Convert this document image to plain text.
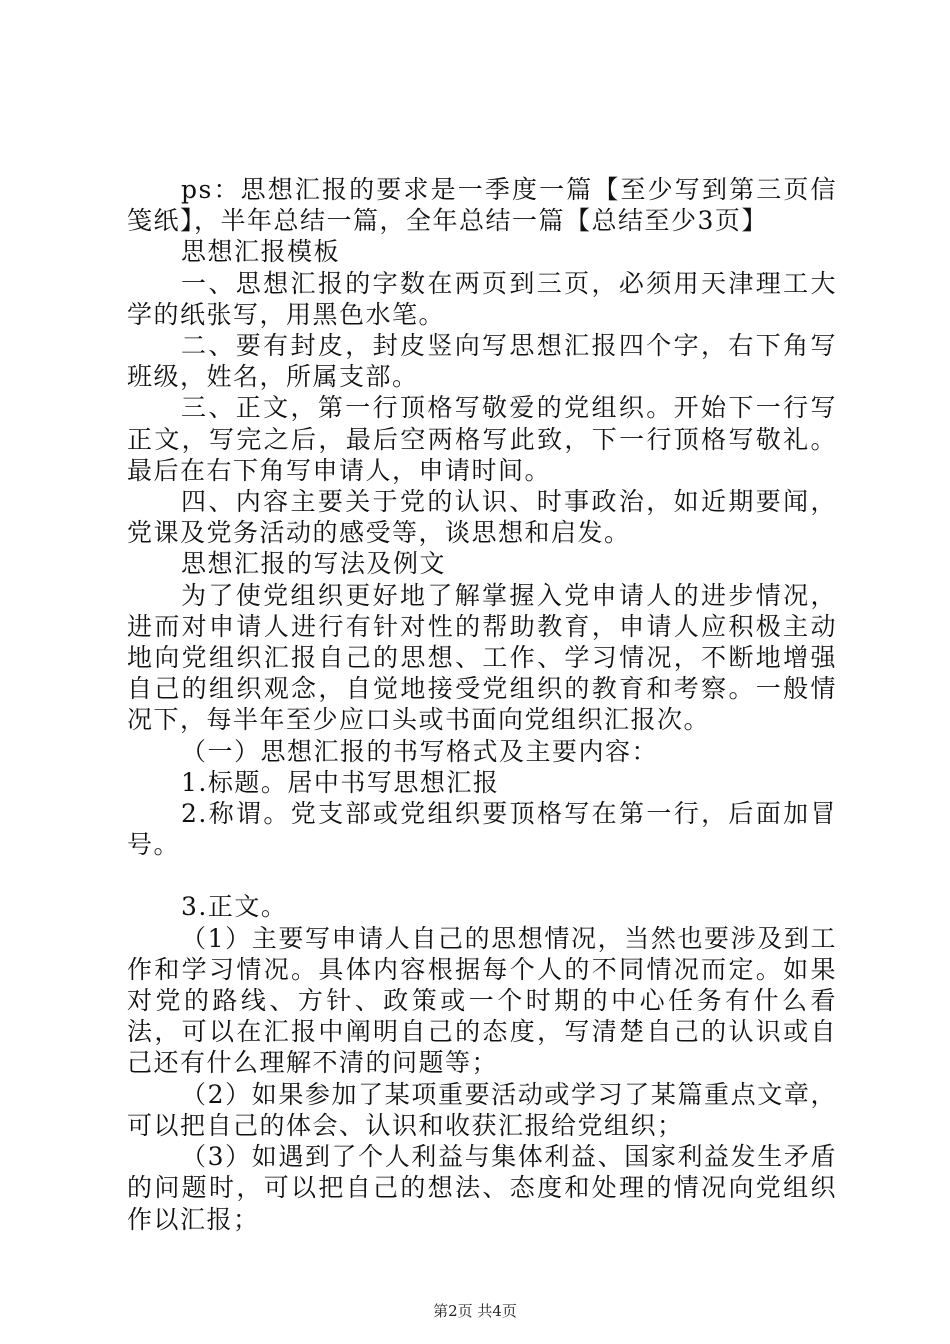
ps：思想汇报的要求是一季度一篇【至少写到第三页信笺纸】，半年总结一篇，全年总结一篇【总结至少3页】

思想汇报模板

一、思想汇报的字数在两页到三页，必须用天津理工大学的纸张写，用黑色水笔。

二、要有封皮，封皮竖向写思想汇报四个字，右下角写班级，姓名，所属支部。

三、正文，第一行顶格写敬爱的党组织。开始下一行写正文，写完之后，最后空两格写此致，下一行顶格写敬礼。最后在右下角写申请人，申请时间。

四、内容主要关于党的认识、时事政治，如近期要闻，党课及党务活动的感受等，谈思想和启发。

思想汇报的写法及例文

为了使党组织更好地了解掌握入党申请人的进步情况，进而对申请人进行有针对性的帮助教育，申请人应积极主动地向党组织汇报自己的思想、工作、学习情况，不断地增强自己的组织观念，自觉地接受党组织的教育和考察。一般情况下，每半年至少应口头或书面向党组织汇报次。

（一）思想汇报的书写格式及主要内容：

1.标题。居中书写思想汇报

2.称谓。党支部或党组织要顶格写在第一行，后面加冒号。

3.正文。

（1）主要写申请人自己的思想情况，当然也要涉及到工作和学习情况。具体内容根据每个人的不同情况而定。如果对党的路线、方针、政策或一个时期的中心任务有什么看法，可以在汇报中阐明自己的态度，写清楚自己的认识或自己还有什么理解不清的问题等；

（2）如果参加了某项重要活动或学习了某篇重点文章，可以把自己的体会、认识和收获汇报给党组织；

（3）如遇到了个人利益与集体利益、国家利益发生矛盾的问题时，可以把自己的想法、态度和处理的情况向党组织作以汇报；

第2页 共4页
